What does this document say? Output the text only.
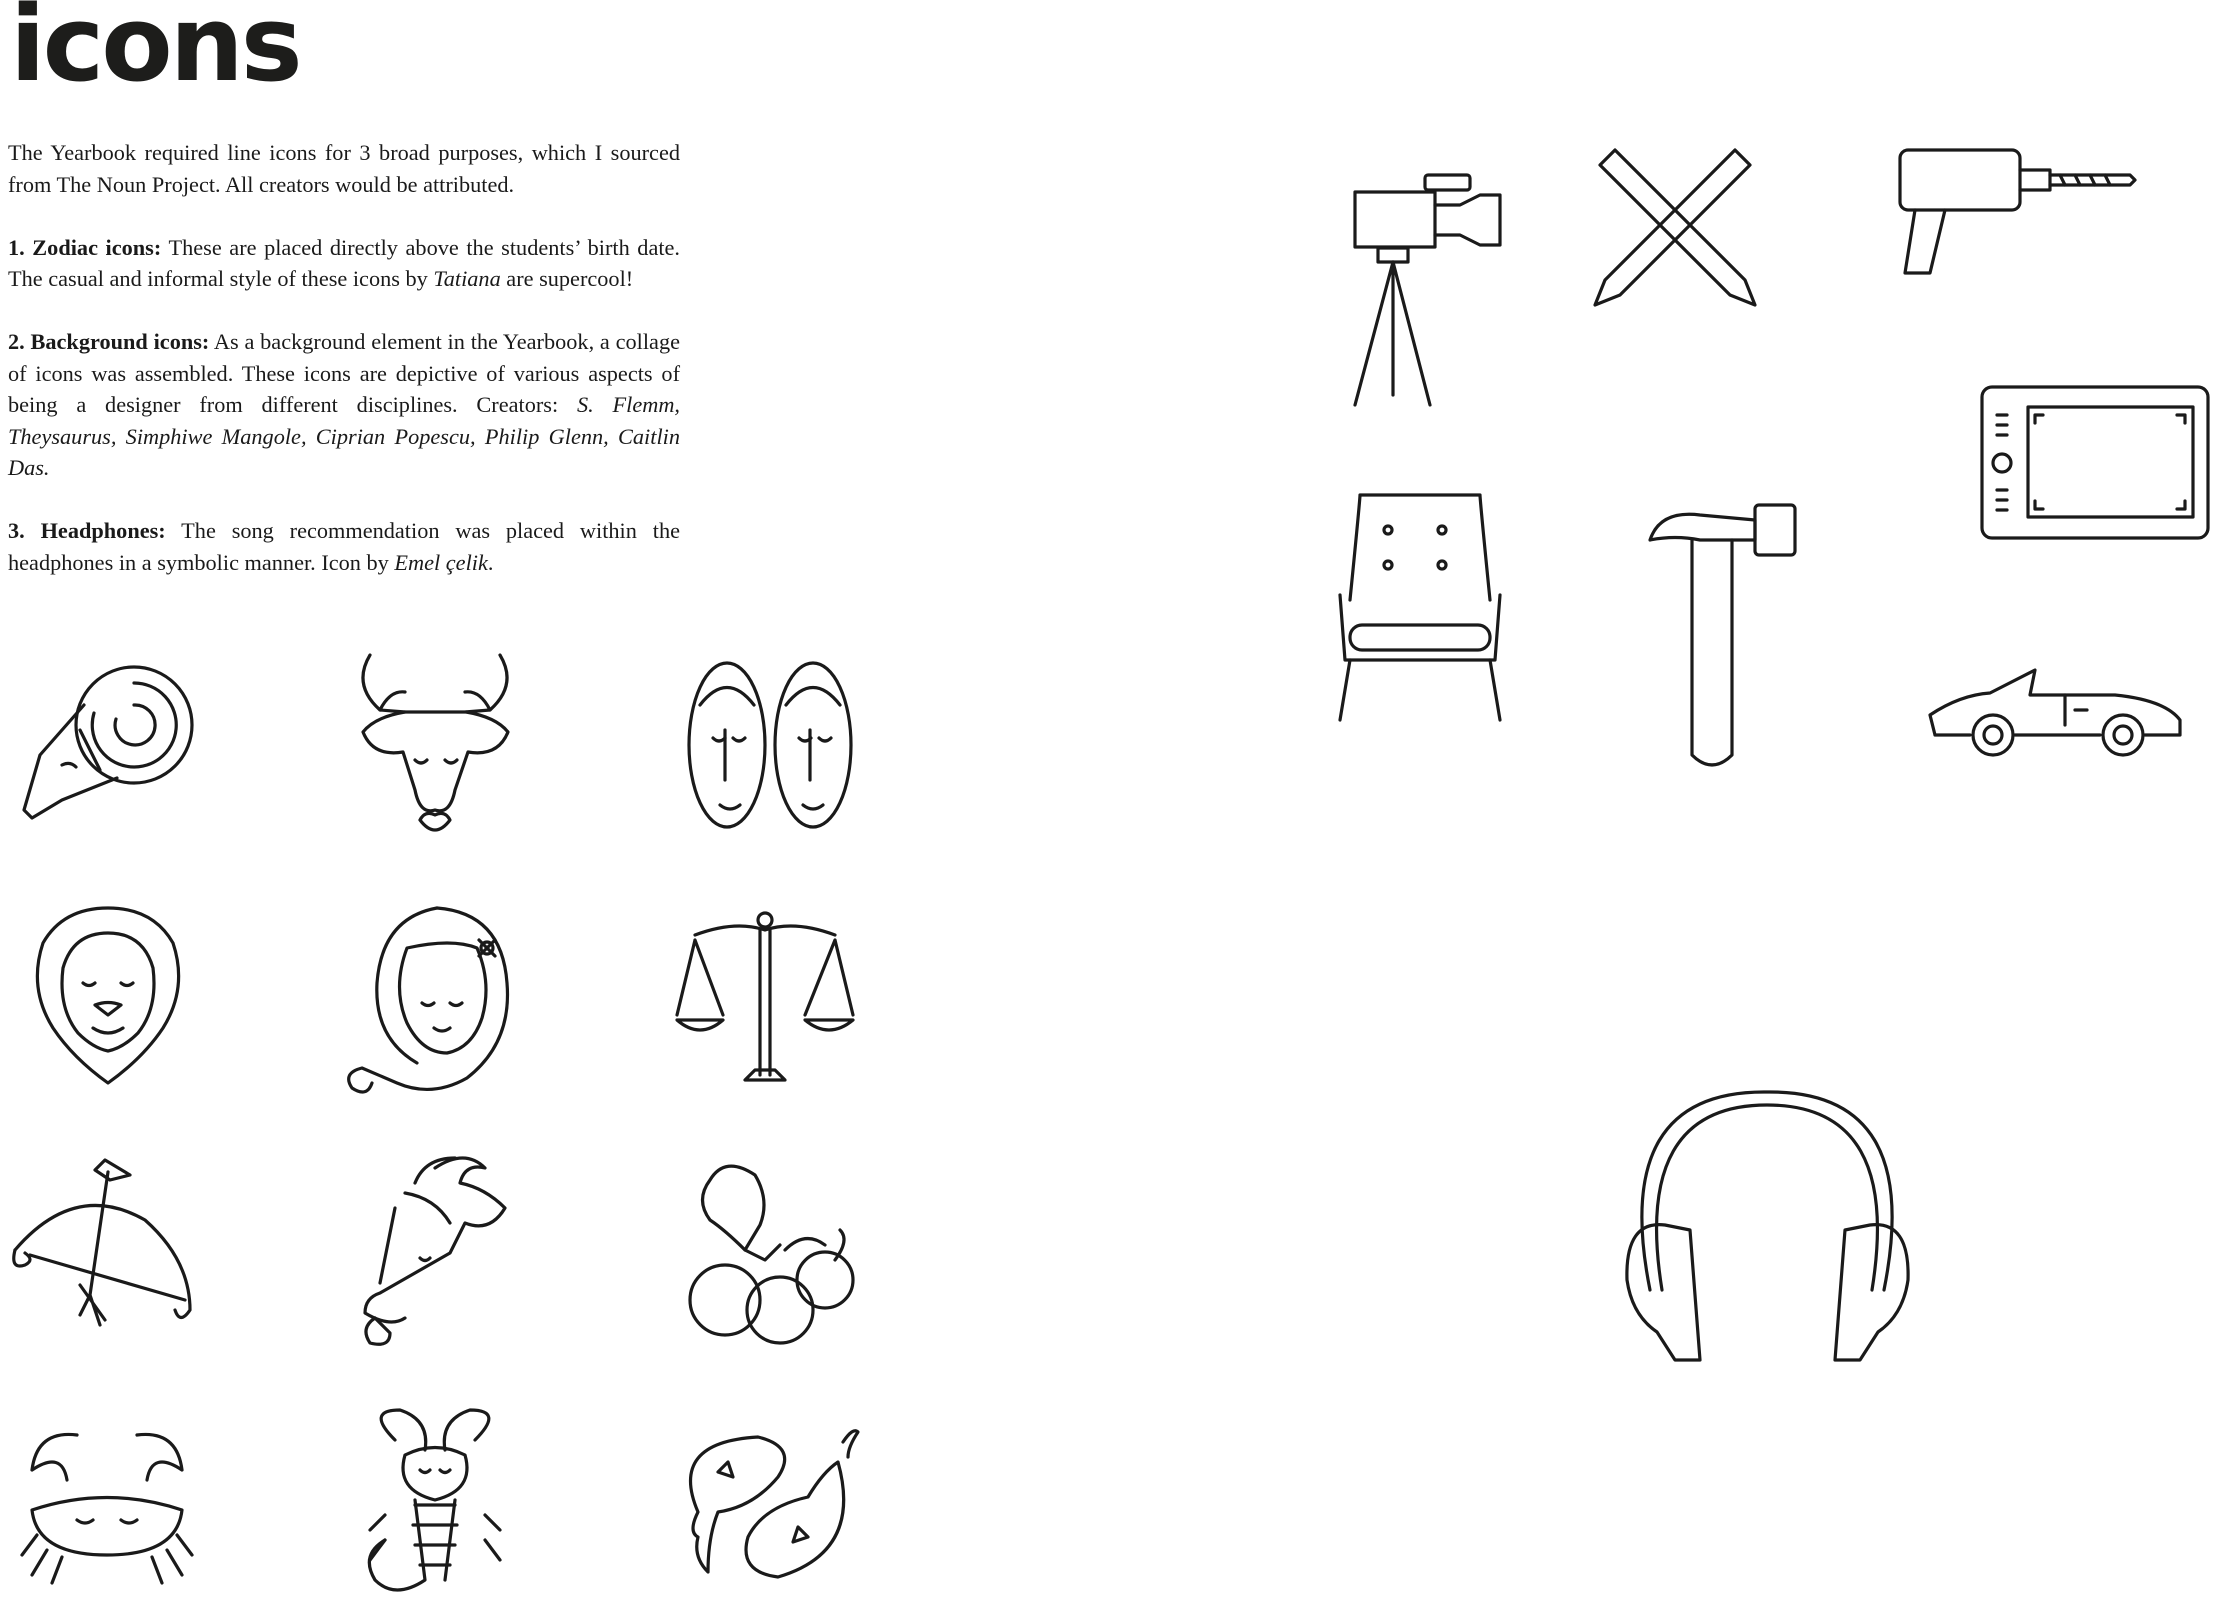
icons

The Yearbook required line icons for 3 broad purposes, which I sourced from The Noun Project. All creators would be attributed.

1. Zodiac icons: These are placed directly above the students’ birth date. The casual and informal style of these icons by Tatiana are supercool!

2. Background icons: As a background element in the Yearbook, a collage of icons was assembled. These icons are depictive of various aspects of being a designer from different disciplines. Creators: S. Flemm, Theysaurus, Simphiwe Mangole, Ciprian Popescu, Philip Glenn, Caitlin Das.

3. Headphones: The song recommendation was placed within the headphones in a symbolic manner. Icon by Emel çelik.
